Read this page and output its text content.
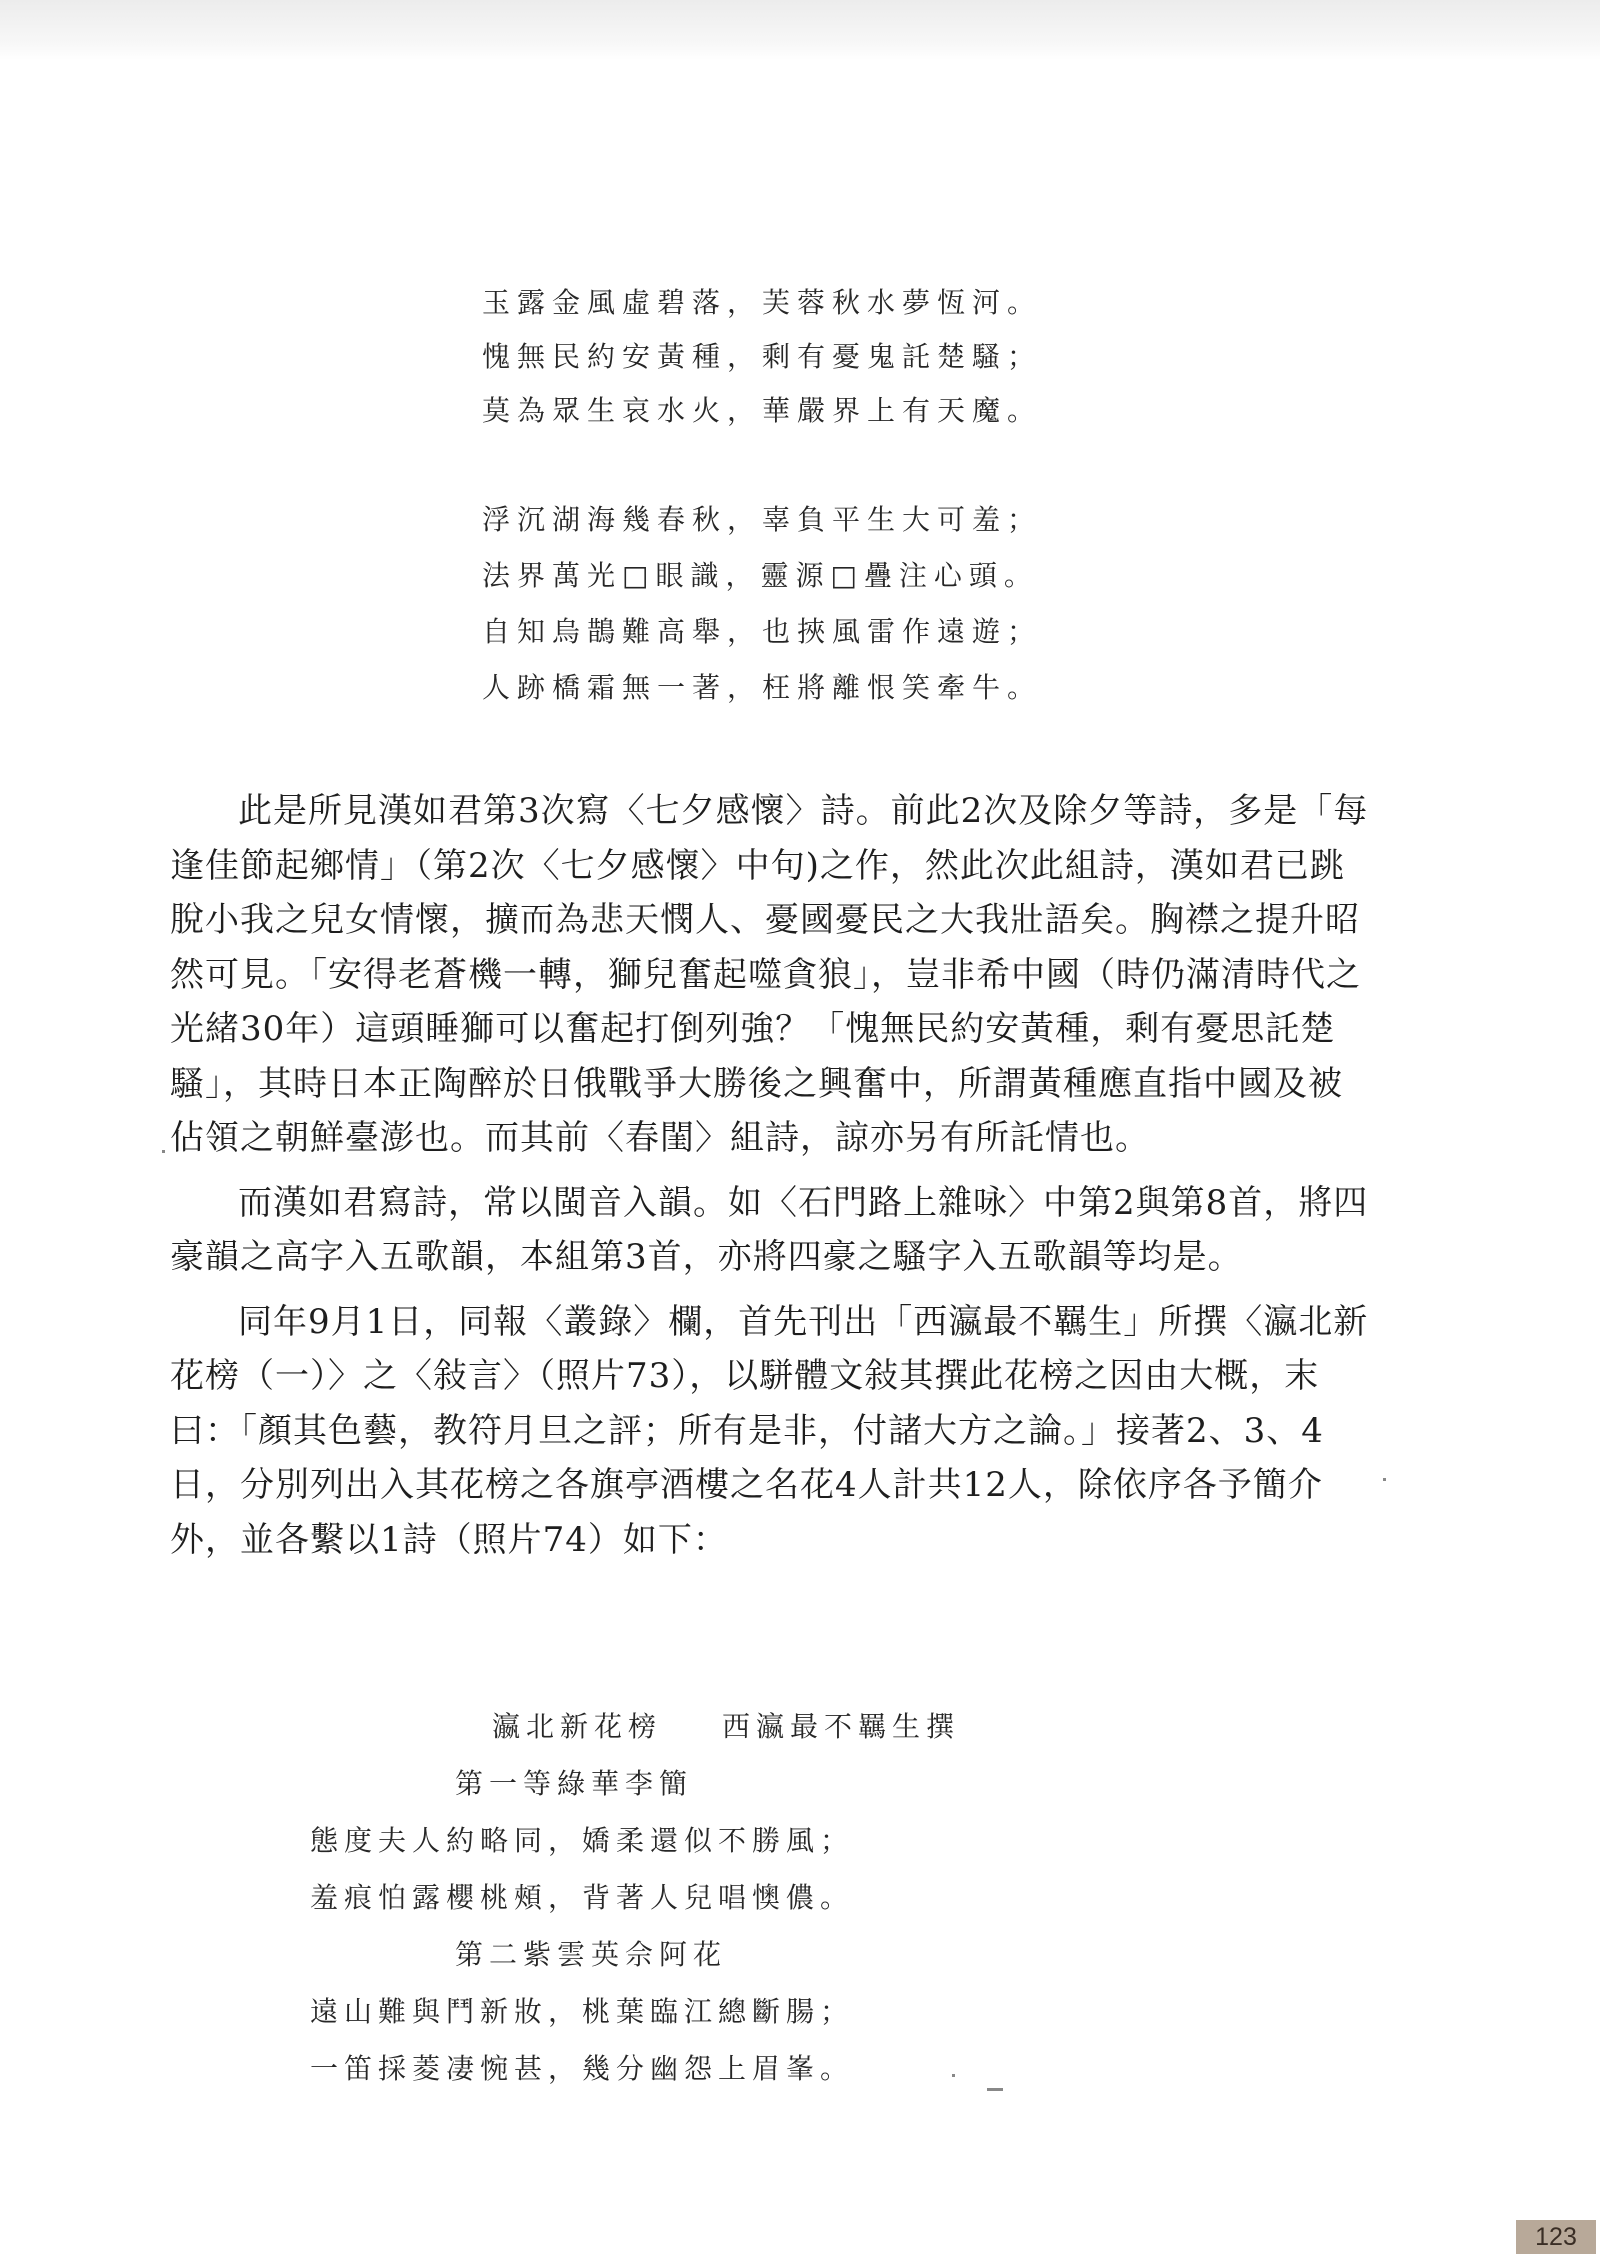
玉露金風虛碧落，芙蓉秋水夢恆河。
愧無民約安黃種，剩有憂鬼託楚騷；
莫為眾生哀水火，華嚴界上有天魔。
浮沉湖海幾春秋，辜負平生大可羞；
法界萬光□眼識，靈源□疊注心頭。
自知烏鵲難高舉，也挾風雷作遠遊；
人跡橋霜無一著，枉將離恨笑牽牛。

此是所見漢如君第3次寫〈七夕感懷〉詩。前此2次及除夕等詩，多是「每逢佳節起鄉情」（第2次〈七夕感懷〉中句)之作，然此次此組詩，漢如君已跳脫小我之兒女情懷，擴而為悲天憫人、憂國憂民之大我壯語矣。胸襟之提升昭然可見。「安得老蒼機一轉，獅兒奮起噬貪狼」，豈非希中國（時仍滿清時代之光緒30年）這頭睡獅可以奮起打倒列強？「愧無民約安黃種，剩有憂思託楚騷」，其時日本正陶醉於日俄戰爭大勝後之興奮中，所謂黃種應直指中國及被佔領之朝鮮臺澎也。而其前〈春閨〉組詩，諒亦另有所託情也。

而漢如君寫詩，常以閩音入韻。如〈石門路上雜咏〉中第2與第8首，將四豪韻之高字入五歌韻，本組第3首，亦將四豪之騷字入五歌韻等均是。

同年9月1日，同報〈叢錄〉欄，首先刊出「西瀛最不羈生」所撰〈瀛北新花榜（一）〉之〈敍言〉（照片73），以駢體文敍其撰此花榜之因由大概，末曰：「顏其色藝，教符月旦之評；所有是非，付諸大方之論。」接著2、3、4日，分別列出入其花榜之各旗亭酒樓之名花4人計共12人，除依序各予簡介外，並各繫以1詩（照片74）如下：

瀛北新花榜 西瀛最不羈生撰
第一等綠華李簡
態度夫人約略同，嬌柔還似不勝風；
羞痕怕露櫻桃頰，背著人兒唱懊儂。
第二紫雲英佘阿花
遠山難與鬥新妝，桃葉臨江總斷腸；
一笛採菱凄惋甚，幾分幽怨上眉峯。
123
